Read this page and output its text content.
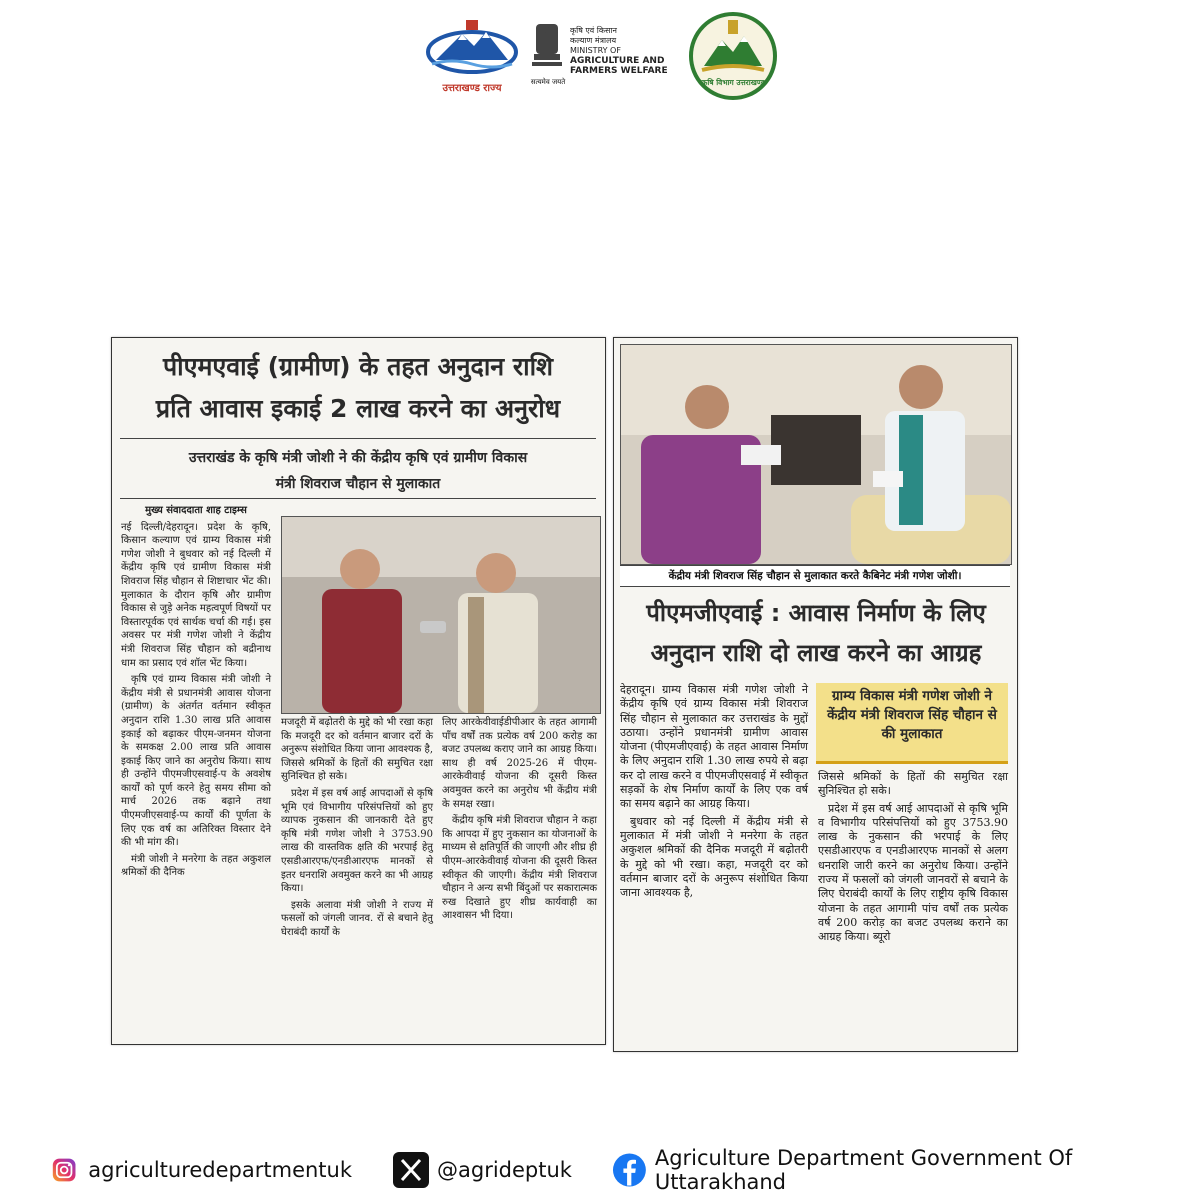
उत्तराखण्ड राज्य
सत्यमेव जयते
कृषि एवं किसान
कल्याण मंत्रालय
MINISTRY OF
AGRICULTURE AND
FARMERS WELFARE
कृषि विभाग उत्तराखण्ड
पीएमएवाई (ग्रामीण) के तहत अनुदान राशि
प्रति आवास इकाई 2 लाख करने का अनुरोध
उत्तराखंड के कृषि मंत्री जोशी ने की केंद्रीय कृषि एवं ग्रामीण विकास
मंत्री शिवराज चौहान से मुलाकात

मुख्य संवाददाता शाह टाइम्स

नई दिल्ली/देहरादून। प्रदेश के कृषि, किसान कल्याण एवं ग्राम्य विकास मंत्री गणेश जोशी ने बुधवार को नई दिल्ली में केंद्रीय कृषि एवं ग्रामीण विकास मंत्री शिवराज सिंह चौहान से शिष्टाचार भेंट की। मुलाकात के दौरान कृषि और ग्रामीण विकास से जुड़े अनेक महत्वपूर्ण विषयों पर विस्तारपूर्वक एवं सार्थक चर्चा की गई। इस अवसर पर मंत्री गणेश जोशी ने केंद्रीय मंत्री शिवराज सिंह चौहान को बद्रीनाथ धाम का प्रसाद एवं शॉल भेंट किया।

कृषि एवं ग्राम्य विकास मंत्री जोशी ने केंद्रीय मंत्री से प्रधानमंत्री आवास योजना (ग्रामीण) के अंतर्गत वर्तमान स्वीकृत अनुदान राशि 1.30 लाख प्रति आवास इकाई को बढ़ाकर पीएम-जनमन योजना के समकक्ष 2.00 लाख प्रति आवास इकाई किए जाने का अनुरोध किया। साथ ही उन्होंने पीएमजीएसवाई-प के अवशेष कार्यों को पूर्ण करने हेतु समय सीमा को मार्च 2026 तक बढ़ाने तथा पीएमजीएसवाई-प्प कार्यों की पूर्णता के लिए एक वर्ष का अतिरिक्त विस्तार देने की भी मांग की।

मंत्री जोशी ने मनरेगा के तहत अकुशल श्रमिकों की दैनिक

मजदूरी में बढ़ोतरी के मुद्दे को भी रखा कहा कि मजदूरी दर को वर्तमान बाजार दरों के अनुरूप संशोधित किया जाना आवश्यक है, जिससे श्रमिकों के हितों की समुचित रक्षा सुनिश्चित हो सके।

प्रदेश में इस वर्ष आई आपदाओं से कृषि भूमि एवं विभागीय परिसंपत्तियों को हुए व्यापक नुकसान की जानकारी देते हुए कृषि मंत्री गणेश जोशी ने 3753.90 लाख की वास्तविक क्षति की भरपाई हेतु एसडीआरएफ/एनडीआरएफ मानकों से इतर धनराशि अवमुक्त करने का भी आग्रह किया।

इसके अलावा मंत्री जोशी ने राज्य में फसलों को जंगली जानव. रों से बचाने हेतु घेराबंदी कार्यों के

लिए आरकेवीवाईडीपीआर के तहत आगामी पाँच वर्षों तक प्रत्येक वर्ष 200 करोड़ का बजट उपलब्ध कराए जाने का आग्रह किया। साथ ही वर्ष 2025-26 में पीएम-आरकेवीवाई योजना की दूसरी किस्त अवमुक्त करने का अनुरोध भी केंद्रीय मंत्री के समक्ष रखा।

केंद्रीय कृषि मंत्री शिवराज चौहान ने कहा कि आपदा में हुए नुकसान का योजनाओं के माध्यम से क्षतिपूर्ति की जाएगी और शीघ्र ही पीएम-आरकेवीवाई योजना की दूसरी किस्त स्वीकृत की जाएगी। केंद्रीय मंत्री शिवराज चौहान ने अन्य सभी बिंदुओं पर सकारात्मक रुख दिखाते हुए शीघ्र कार्यवाही का आश्वासन भी दिया।

केंद्रीय मंत्री शिवराज सिंह चौहान से मुलाकात करते कैबिनेट मंत्री गणेश जोशी।
पीएमजीएवाई : आवास निर्माण के लिए
अनुदान राशि दो लाख करने का आग्रह

देहरादून। ग्राम्य विकास मंत्री गणेश जोशी ने केंद्रीय कृषि एवं ग्राम्य विकास मंत्री शिवराज सिंह चौहान से मुलाकात कर उत्तराखंड के मुद्दों उठाया। उन्होंने प्रधानमंत्री ग्रामीण आवास योजना (पीएमजीएवाई) के तहत आवास निर्माण के लिए अनुदान राशि 1.30 लाख रुपये से बढ़ा कर दो लाख करने व पीएमजीएसवाई में स्वीकृत सड़कों के शेष निर्माण कार्यों के लिए एक वर्ष का समय बढ़ाने का आग्रह किया।

बुधवार को नई दिल्ली में केंद्रीय मंत्री से मुलाकात में मंत्री जोशी ने मनरेगा के तहत अकुशल श्रमिकों की दैनिक मजदूरी में बढ़ोतरी के मुद्दे को भी रखा। कहा, मजदूरी दर को वर्तमान बाजार दरों के अनुरूप संशोधित किया जाना आवश्यक है,

ग्राम्य विकास मंत्री गणेश जोशी ने केंद्रीय मंत्री शिवराज सिंह चौहान से की मुलाकात

जिससे श्रमिकों के हितों की समुचित रक्षा सुनिश्चित हो सके।

प्रदेश में इस वर्ष आई आपदाओं से कृषि भूमि व विभागीय परिसंपत्तियों को हुए 3753.90 लाख के नुकसान की भरपाई के लिए एसडीआरएफ व एनडीआरएफ मानकों से अलग धनराशि जारी करने का अनुरोध किया। उन्होंने राज्य में फसलों को जंगली जानवरों से बचाने के लिए घेराबंदी कार्यों के लिए राष्ट्रीय कृषि विकास योजना के तहत आगामी पांच वर्षों तक प्रत्येक वर्ष 200 करोड़ का बजट उपलब्ध कराने का आग्रह किया। ब्यूरो

agriculturedepartmentuk	@agrideptuk	Agriculture Department Government Of Uttarakhand
